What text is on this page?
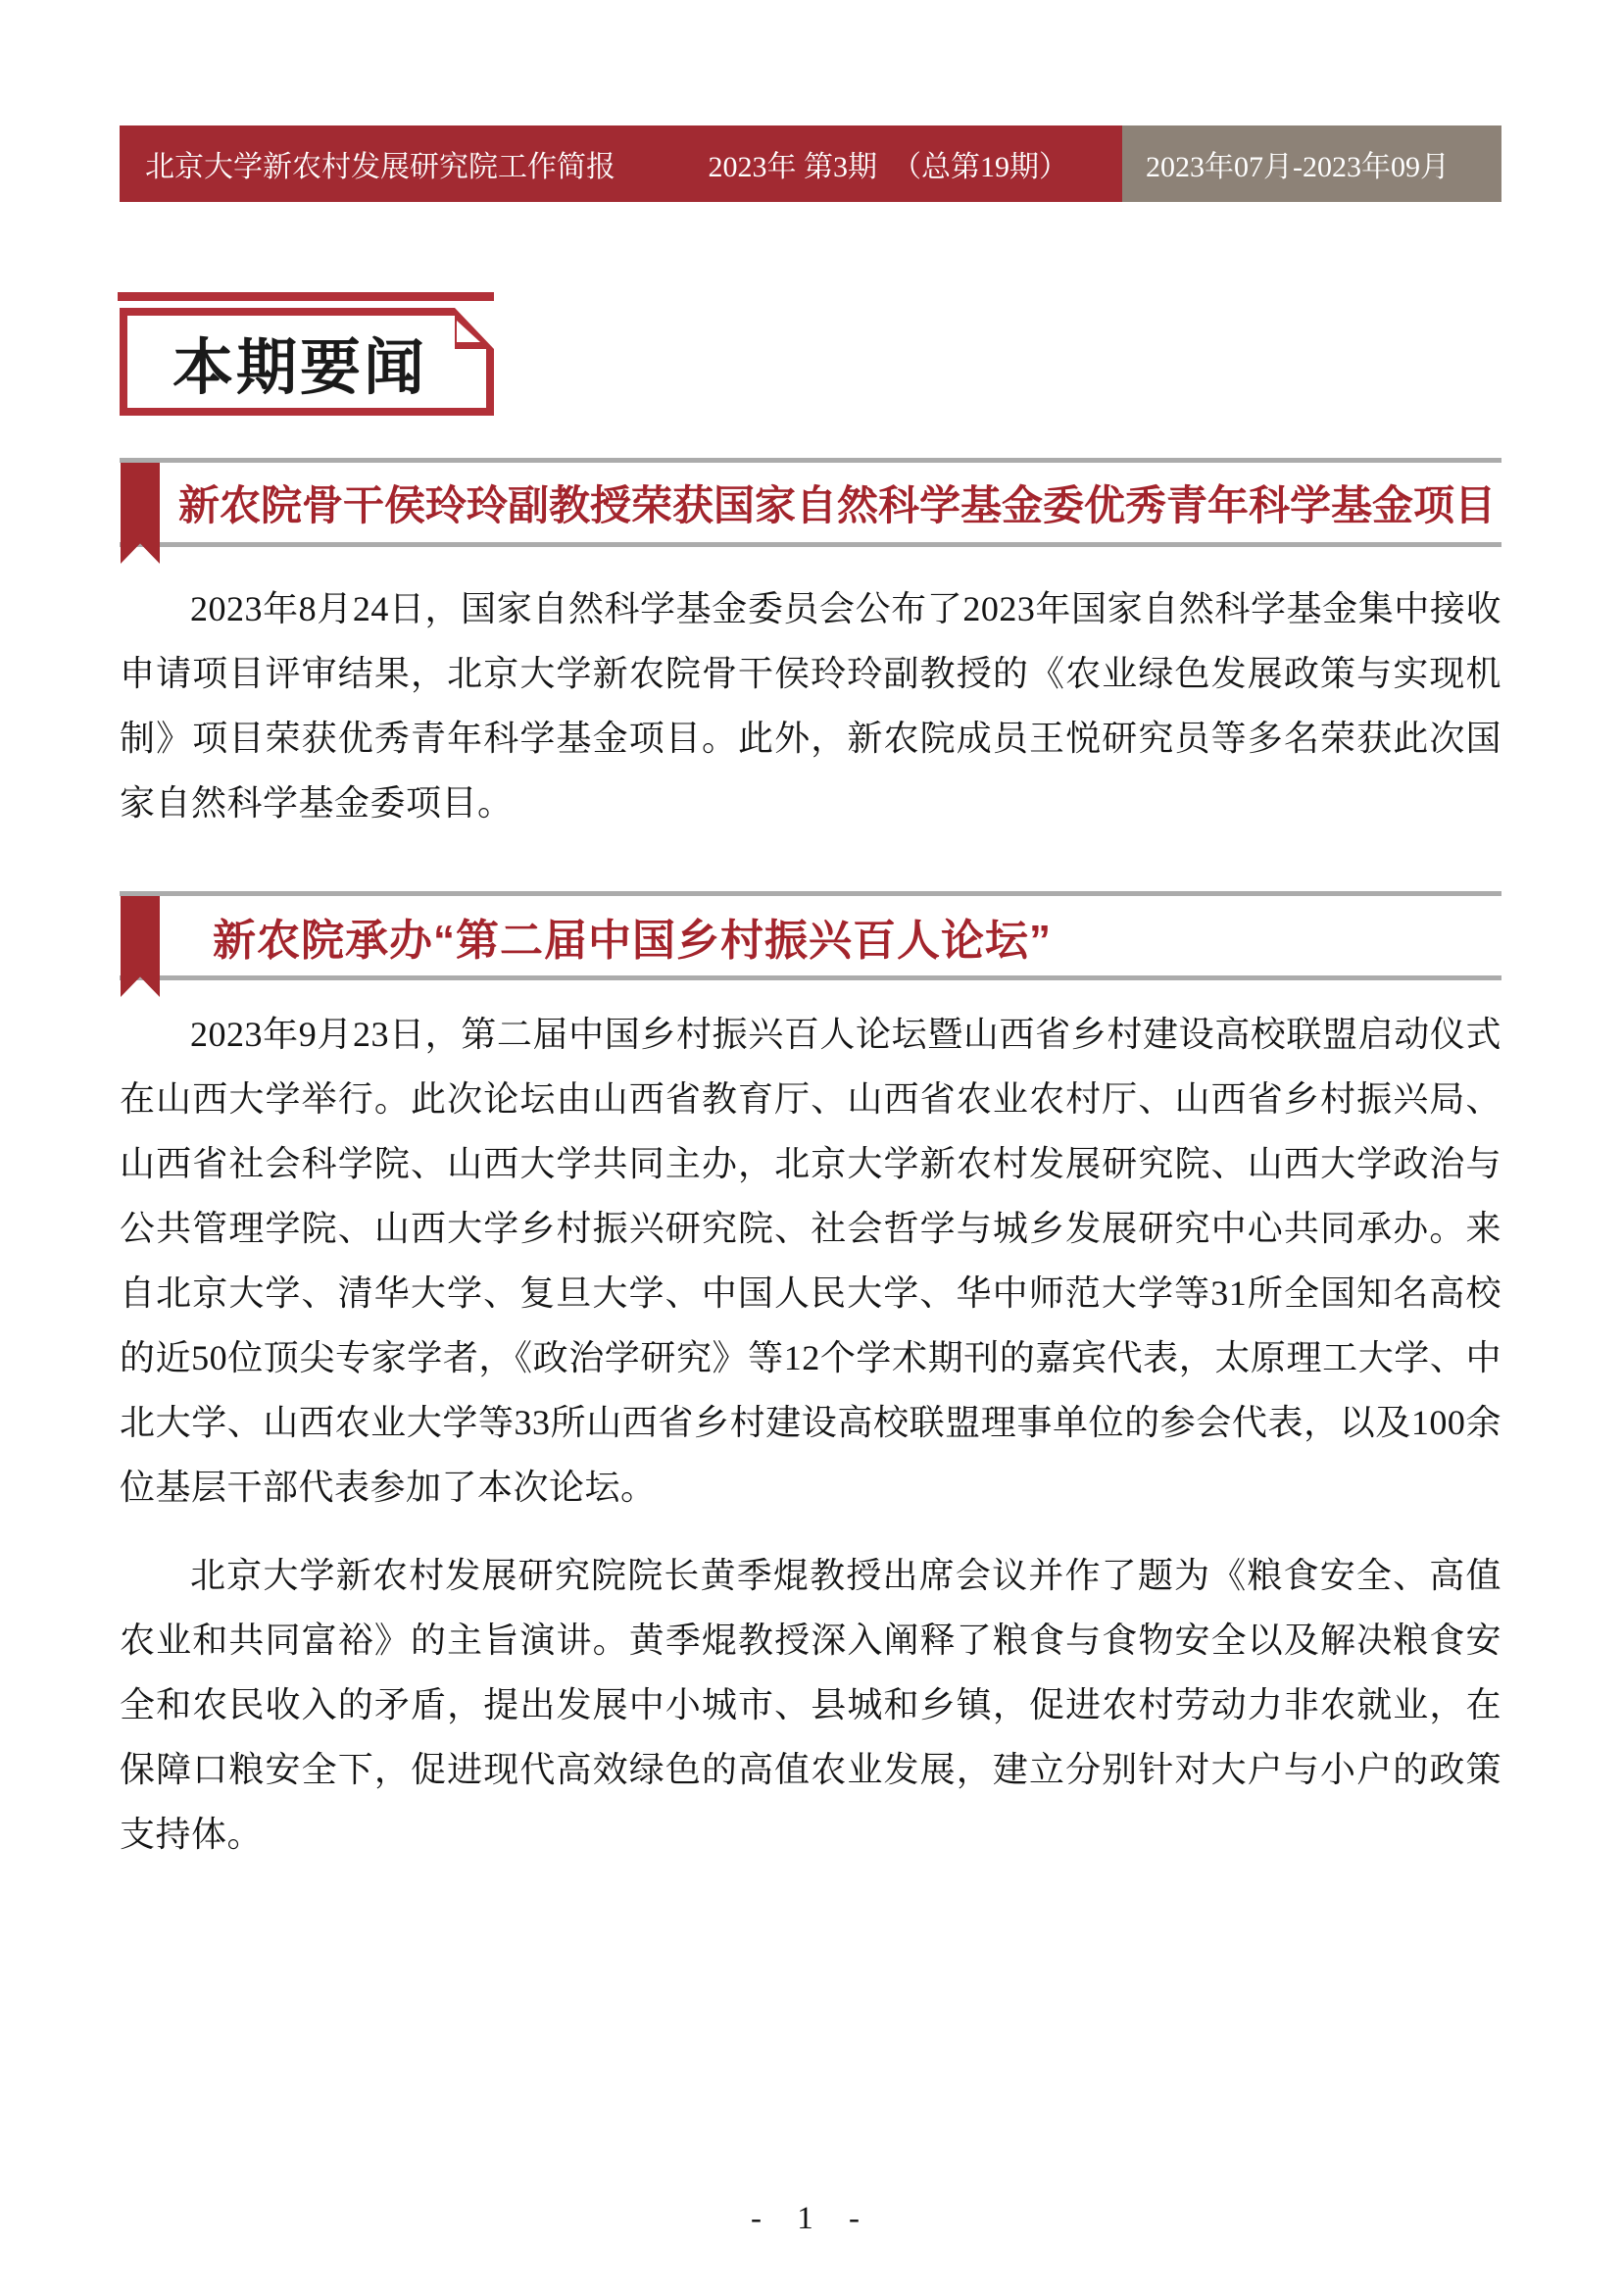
北京大学新农村发展研究院工作简报	2023年 第3期　（总第19期）	2023年07月-2023年09月
本期要闻
新农院骨干侯玲玲副教授荣获国家自然科学基金委优秀青年科学基金项目

2023年8月24日，国家自然科学基金委员会公布了2023年国家自然科学基金集中接收申请项目评审结果，北京大学新农院骨干侯玲玲副教授的《农业绿色发展政策与实现机制》项目荣获优秀青年科学基金项目。此外，新农院成员王悦研究员等多名荣获此次国家自然科学基金委项目。

新农院承办“第二届中国乡村振兴百人论坛”

2023年9月23日，第二届中国乡村振兴百人论坛暨山西省乡村建设高校联盟启动仪式在山西大学举行。此次论坛由山西省教育厅、山西省农业农村厅、山西省乡村振兴局、山西省社会科学院、山西大学共同主办，北京大学新农村发展研究院、山西大学政治与公共管理学院、山西大学乡村振兴研究院、社会哲学与城乡发展研究中心共同承办。来自北京大学、清华大学、复旦大学、中国人民大学、华中师范大学等31所全国知名高校的近50位顶尖专家学者，《政治学研究》等12个学术期刊的嘉宾代表，太原理工大学、中北大学、山西农业大学等33所山西省乡村建设高校联盟理事单位的参会代表，以及100余位基层干部代表参加了本次论坛。

北京大学新农村发展研究院院长黄季焜教授出席会议并作了题为《粮食安全、高值农业和共同富裕》的主旨演讲。黄季焜教授深入阐释了粮食与食物安全以及解决粮食安全和农民收入的矛盾，提出发展中小城市、县城和乡镇，促进农村劳动力非农就业，在保障口粮安全下，促进现代高效绿色的高值农业发展，建立分别针对大户与小户的政策支持体。

- 1 -
